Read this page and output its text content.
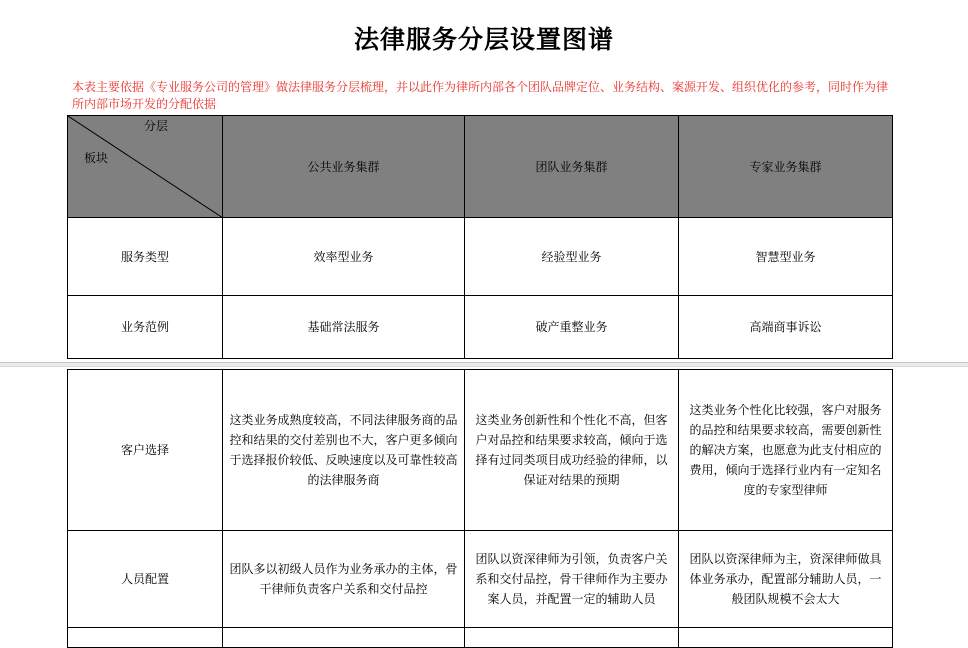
法律服务分层设置图谱
本表主要依据《专业服务公司的管理》做法律服务分层梳理，并以此作为律所内部各个团队品牌定位、业务结构、案源开发、组织优化的参考，同时作为律所内部市场开发的分配依据
分层
板块	公共业务集群	团队业务集群	专家业务集群
服务类型	效率型业务	经验型业务	智慧型业务
业务范例	基础常法服务	破产重整业务	高端商事诉讼
客户选择	这类业务成熟度较高，不同法律服务商的品控和结果的交付差别也不大，客户更多倾向于选择报价较低、反映速度以及可靠性较高的法律服务商	这类业务创新性和个性化不高，但客户对品控和结果要求较高，倾向于选择有过同类项目成功经验的律师，以保证对结果的预期	这类业务个性化比较强，客户对服务的品控和结果要求较高，需要创新性的解决方案，也愿意为此支付相应的费用，倾向于选择行业内有一定知名度的专家型律师
人员配置	团队多以初级人员作为业务承办的主体，骨干律师负责客户关系和交付品控	团队以资深律师为引领，负责客户关系和交付品控，骨干律师作为主要办案人员，并配置一定的辅助人员	团队以资深律师为主，资深律师做具体业务承办，配置部分辅助人员，一般团队规模不会太大
